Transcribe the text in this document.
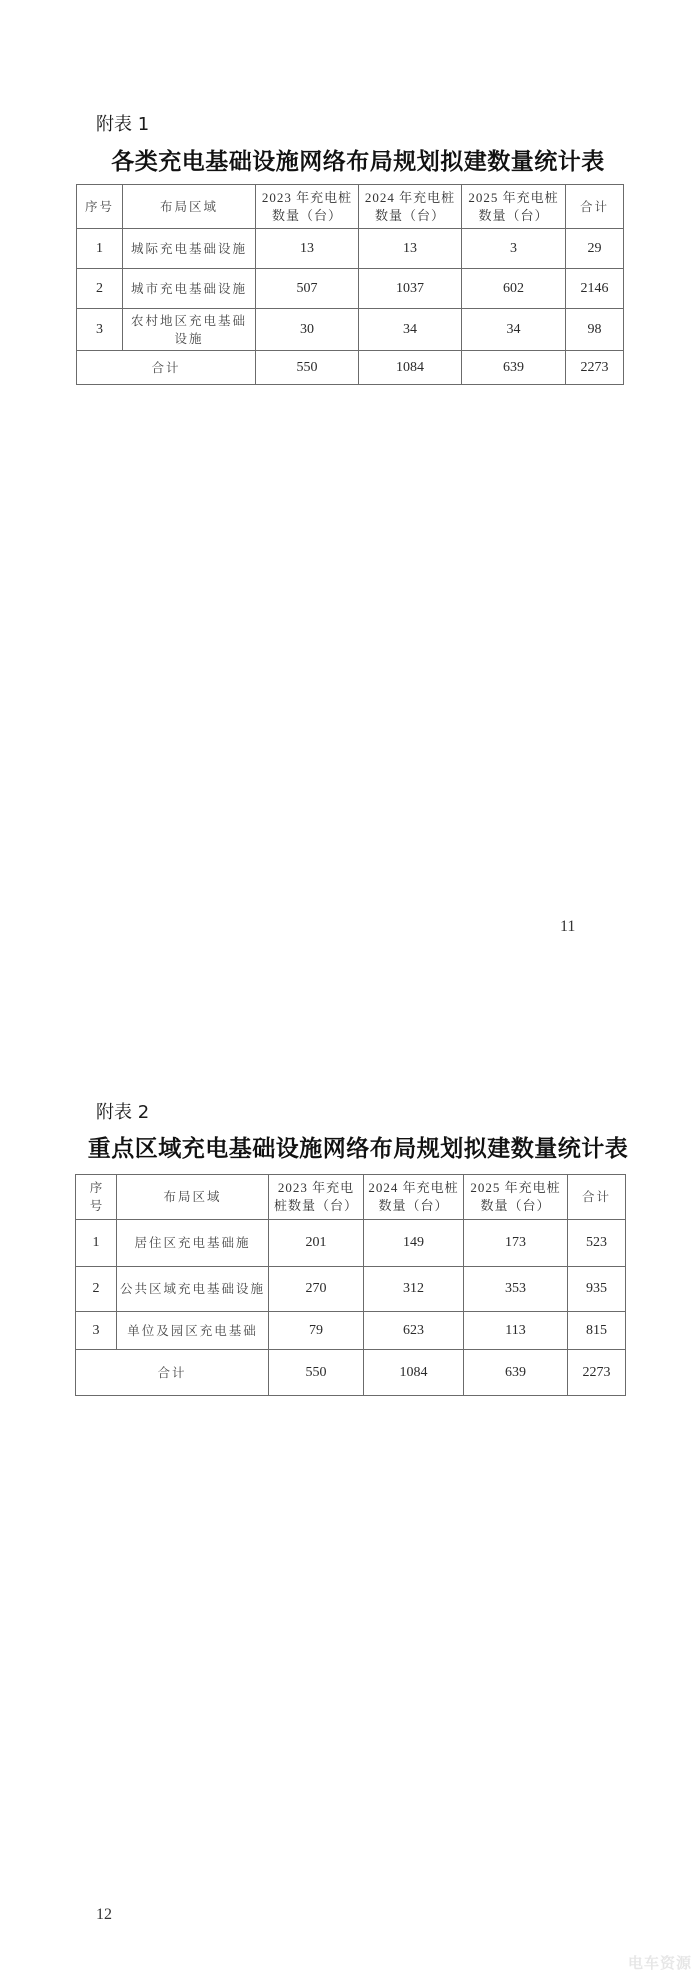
附表 1
各类充电基础设施网络布局规划拟建数量统计表
序号	布局区域	2023 年充电桩数量（台）	2024 年充电桩数量（台）	2025 年充电桩数量（台）	合计
1	城际充电基础设施	13	13	3	29
2	城市充电基础设施	507	1037	602	2146
3	农村地区充电基础设施	30	34	34	98
合计		550	1084	639	2273
11
附表 2
重点区域充电基础设施网络布局规划拟建数量统计表
序号	布局区域	2023 年充电桩数量（台）	2024 年充电桩数量（台）	2025 年充电桩数量（台）	合计
1	居住区充电基础施	201	149	173	523
2	公共区域充电基础设施	270	312	353	935
3	单位及园区充电基础	79	623	113	815
合计		550	1084	639	2273
12
电车资源
